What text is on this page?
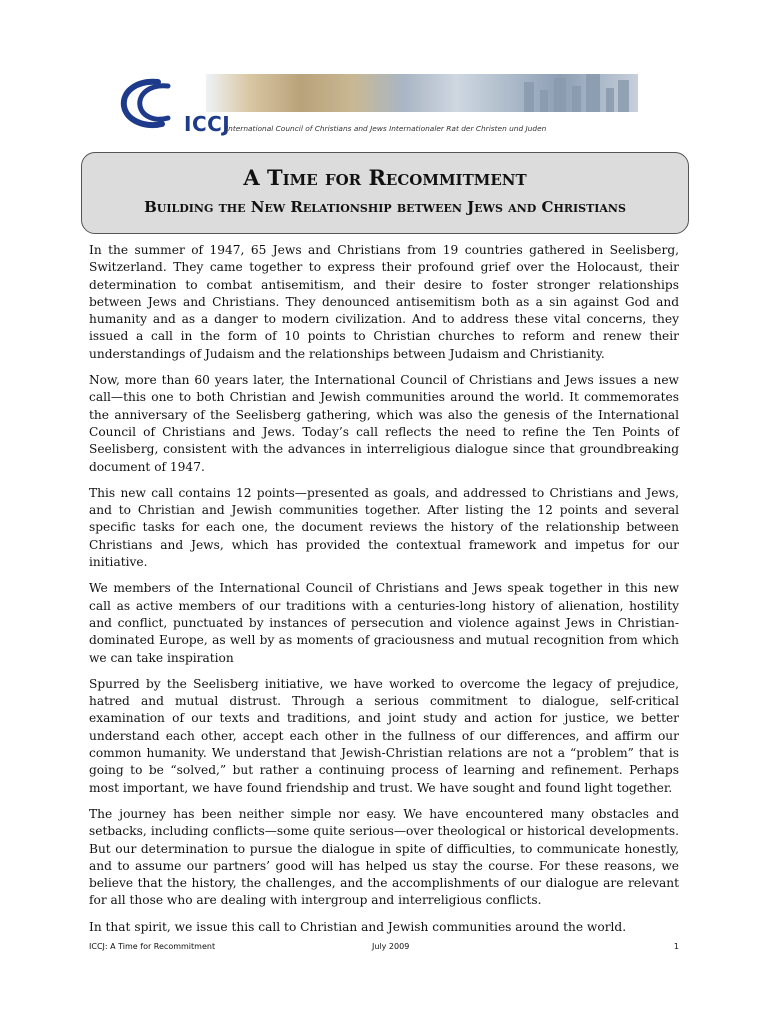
ICCJ
International Council of Christians and Jews Internationaler Rat der Christen und Juden
A Time for Recommitment
Building the New Relationship between Jews and Christians

In the summer of 1947, 65 Jews and Christians from 19 countries gathered in Seelisberg, Switzerland. They came together to express their profound grief over the Holocaust, their determination to combat antisemitism, and their desire to foster stronger relationships between Jews and Christians. They denounced antisemitism both as a sin against God and humanity and as a danger to modern civilization. And to address these vital concerns, they issued a call in the form of 10 points to Christian churches to reform and renew their understandings of Judaism and the relationships between Judaism and Christianity.

Now, more than 60 years later, the International Council of Christians and Jews issues a new call—this one to both Christian and Jewish communities around the world. It commemorates the anniversary of the Seelisberg gathering, which was also the genesis of the International Council of Christians and Jews. Today’s call reflects the need to refine the Ten Points of Seelisberg, consistent with the advances in interreligious dialogue since that groundbreaking document of 1947.

This new call contains 12 points—presented as goals, and addressed to Christians and Jews, and to Christian and Jewish communities together. After listing the 12 points and several specific tasks for each one, the document reviews the history of the relationship between Christians and Jews, which has provided the contextual framework and impetus for our initiative.

We members of the International Council of Christians and Jews speak together in this new call as active members of our traditions with a centuries-long history of alienation, hostility and conflict, punctuated by instances of persecution and violence against Jews in Christian-dominated Europe, as well by as moments of graciousness and mutual recognition from which we can take inspiration

Spurred by the Seelisberg initiative, we have worked to overcome the legacy of prejudice, hatred and mutual distrust. Through a serious commitment to dialogue, self-critical examination of our texts and traditions, and joint study and action for justice, we better understand each other, accept each other in the fullness of our differences, and affirm our common humanity. We understand that Jewish-Christian relations are not a “problem” that is going to be “solved,” but rather a continuing process of learning and refinement. Perhaps most important, we have found friendship and trust. We have sought and found light together.

The journey has been neither simple nor easy. We have encountered many obstacles and setbacks, including conflicts—some quite serious—over theological or historical developments. But our determination to pursue the dialogue in spite of difficulties, to communicate honestly, and to assume our partners’ good will has helped us stay the course. For these reasons, we believe that the history, the challenges, and the accomplishments of our dialogue are relevant for all those who are dealing with intergroup and interreligious conflicts.

In that spirit, we issue this call to Christian and Jewish communities around the world.

ICCJ: A Time for Recommitment	July 2009	1
